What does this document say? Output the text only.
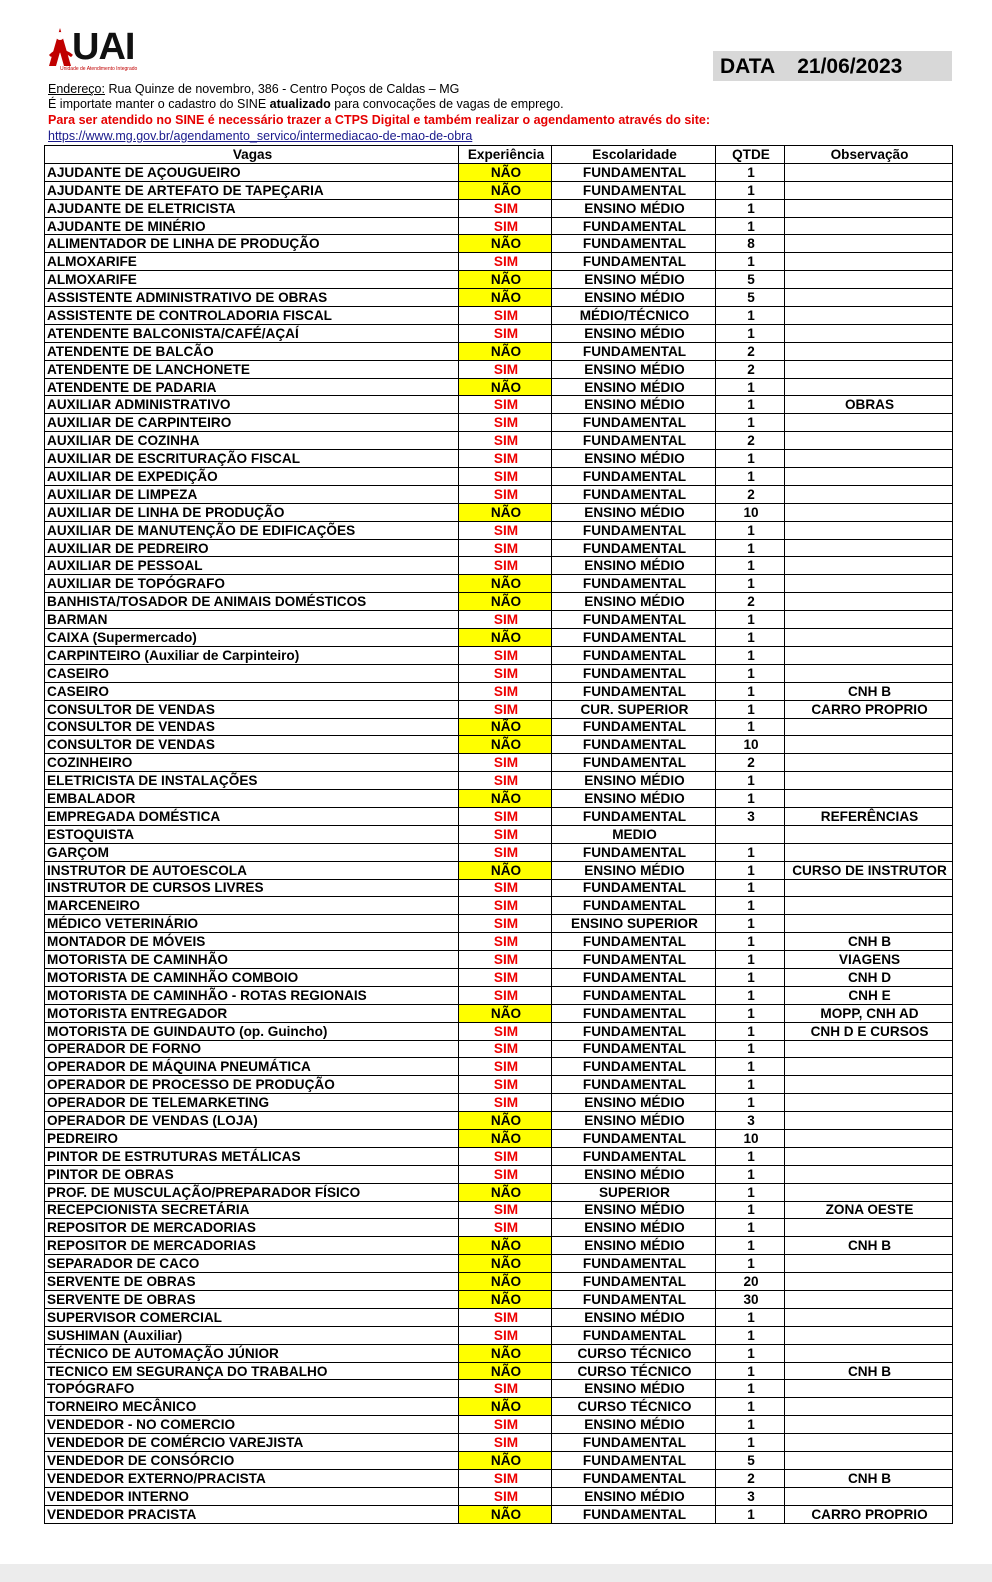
UAI
Unidade de Atendimento Integrado	DATA 21/06/2023
Endereço: Rua Quinze de novembro, 386 - Centro Poços de Caldas – MG
É importate manter o cadastro do SINE atualizado para convocações de vagas de emprego.
Para ser atendido no SINE é necessário trazer a CTPS Digital e também realizar o agendamento através do site:
https://www.mg.gov.br/agendamento_servico/intermediacao-de-mao-de-obra
Vagas	Experiência	Escolaridade	QTDE	Observação
AJUDANTE DE AÇOUGUEIRO	NÃO	FUNDAMENTAL	1	
AJUDANTE DE ARTEFATO DE TAPEÇARIA	NÃO	FUNDAMENTAL	1	
AJUDANTE DE ELETRICISTA	SIM	ENSINO MÉDIO	1	
AJUDANTE DE MINÉRIO	SIM	FUNDAMENTAL	1	
ALIMENTADOR DE LINHA DE PRODUÇÃO	NÃO	FUNDAMENTAL	8	
ALMOXARIFE	SIM	FUNDAMENTAL	1	
ALMOXARIFE	NÃO	ENSINO MÉDIO	5	
ASSISTENTE ADMINISTRATIVO DE OBRAS	NÃO	ENSINO MÉDIO	5	
ASSISTENTE DE CONTROLADORIA FISCAL	SIM	MÉDIO/TÉCNICO	1	
ATENDENTE BALCONISTA/CAFÉ/AÇAÍ	SIM	ENSINO MÉDIO	1	
ATENDENTE DE BALCÃO	NÃO	FUNDAMENTAL	2	
ATENDENTE DE LANCHONETE	SIM	ENSINO MÉDIO	2	
ATENDENTE DE PADARIA	NÃO	ENSINO MÉDIO	1	
AUXILIAR ADMINISTRATIVO	SIM	ENSINO MÉDIO	1	OBRAS
AUXILIAR DE CARPINTEIRO	SIM	FUNDAMENTAL	1	
AUXILIAR DE COZINHA	SIM	FUNDAMENTAL	2	
AUXILIAR DE ESCRITURAÇÃO FISCAL	SIM	ENSINO MÉDIO	1	
AUXILIAR DE EXPEDIÇÃO	SIM	FUNDAMENTAL	1	
AUXILIAR DE LIMPEZA	SIM	FUNDAMENTAL	2	
AUXILIAR DE LINHA DE PRODUÇÃO	NÃO	ENSINO MÉDIO	10	
AUXILIAR DE MANUTENÇÃO DE EDIFICAÇÕES	SIM	FUNDAMENTAL	1	
AUXILIAR DE PEDREIRO	SIM	FUNDAMENTAL	1	
AUXILIAR DE PESSOAL	SIM	ENSINO MÉDIO	1	
AUXILIAR DE TOPÓGRAFO	NÃO	FUNDAMENTAL	1	
BANHISTA/TOSADOR DE ANIMAIS DOMÉSTICOS	NÃO	ENSINO MÉDIO	2	
BARMAN	SIM	FUNDAMENTAL	1	
CAIXA (Supermercado)	NÃO	FUNDAMENTAL	1	
CARPINTEIRO (Auxiliar de Carpinteiro)	SIM	FUNDAMENTAL	1	
CASEIRO	SIM	FUNDAMENTAL	1	
CASEIRO	SIM	FUNDAMENTAL	1	CNH B
CONSULTOR DE VENDAS	SIM	CUR. SUPERIOR	1	CARRO PROPRIO
CONSULTOR DE VENDAS	NÃO	FUNDAMENTAL	1	
CONSULTOR DE VENDAS	NÃO	FUNDAMENTAL	10	
COZINHEIRO	SIM	FUNDAMENTAL	2	
ELETRICISTA DE INSTALAÇÕES	SIM	ENSINO MÉDIO	1	
EMBALADOR	NÃO	ENSINO MÉDIO	1	
EMPREGADA DOMÉSTICA	SIM	FUNDAMENTAL	3	REFERÊNCIAS
ESTOQUISTA	SIM	MEDIO		
GARÇOM	SIM	FUNDAMENTAL	1	
INSTRUTOR DE AUTOESCOLA	NÃO	ENSINO MÉDIO	1	CURSO DE INSTRUTOR
INSTRUTOR DE CURSOS LIVRES	SIM	FUNDAMENTAL	1	
MARCENEIRO	SIM	FUNDAMENTAL	1	
MÉDICO VETERINÁRIO	SIM	ENSINO SUPERIOR	1	
MONTADOR DE MÓVEIS	SIM	FUNDAMENTAL	1	CNH B
MOTORISTA DE CAMINHÃO	SIM	FUNDAMENTAL	1	VIAGENS
MOTORISTA DE CAMINHÃO COMBOIO	SIM	FUNDAMENTAL	1	CNH D
MOTORISTA DE CAMINHÃO - ROTAS REGIONAIS	SIM	FUNDAMENTAL	1	CNH E
MOTORISTA ENTREGADOR	NÃO	FUNDAMENTAL	1	MOPP, CNH AD
MOTORISTA DE GUINDAUTO (op. Guincho)	SIM	FUNDAMENTAL	1	CNH D E CURSOS
OPERADOR DE FORNO	SIM	FUNDAMENTAL	1	
OPERADOR DE MÁQUINA PNEUMÁTICA	SIM	FUNDAMENTAL	1	
OPERADOR DE PROCESSO DE PRODUÇÃO	SIM	FUNDAMENTAL	1	
OPERADOR DE TELEMARKETING	SIM	ENSINO MÉDIO	1	
OPERADOR DE VENDAS (LOJA)	NÃO	ENSINO MÉDIO	3	
PEDREIRO	NÃO	FUNDAMENTAL	10	
PINTOR DE ESTRUTURAS METÁLICAS	SIM	FUNDAMENTAL	1	
PINTOR DE OBRAS	SIM	ENSINO MÉDIO	1	
PROF. DE MUSCULAÇÃO/PREPARADOR FÍSICO	NÃO	SUPERIOR	1	
RECEPCIONISTA SECRETÁRIA	SIM	ENSINO MÉDIO	1	ZONA OESTE
REPOSITOR DE MERCADORIAS	SIM	ENSINO MÉDIO	1	
REPOSITOR DE MERCADORIAS	NÃO	ENSINO MÉDIO	1	CNH B
SEPARADOR DE CACO	NÃO	FUNDAMENTAL	1	
SERVENTE DE OBRAS	NÃO	FUNDAMENTAL	20	
SERVENTE DE OBRAS	NÃO	FUNDAMENTAL	30	
SUPERVISOR COMERCIAL	SIM	ENSINO MÉDIO	1	
SUSHIMAN (Auxiliar)	SIM	FUNDAMENTAL	1	
TÉCNICO DE AUTOMAÇÃO JÚNIOR	NÃO	CURSO TÉCNICO	1	
TECNICO EM SEGURANÇA DO TRABALHO	NÃO	CURSO TÉCNICO	1	CNH B
TOPÓGRAFO	SIM	ENSINO MÉDIO	1	
TORNEIRO MECÂNICO	NÃO	CURSO TÉCNICO	1	
VENDEDOR - NO COMERCIO	SIM	ENSINO MÉDIO	1	
VENDEDOR DE COMÉRCIO VAREJISTA	SIM	FUNDAMENTAL	1	
VENDEDOR DE CONSÓRCIO	NÃO	FUNDAMENTAL	5	
VENDEDOR EXTERNO/PRACISTA	SIM	FUNDAMENTAL	2	CNH B
VENDEDOR INTERNO	SIM	ENSINO MÉDIO	3	
VENDEDOR PRACISTA	NÃO	FUNDAMENTAL	1	CARRO PROPRIO
